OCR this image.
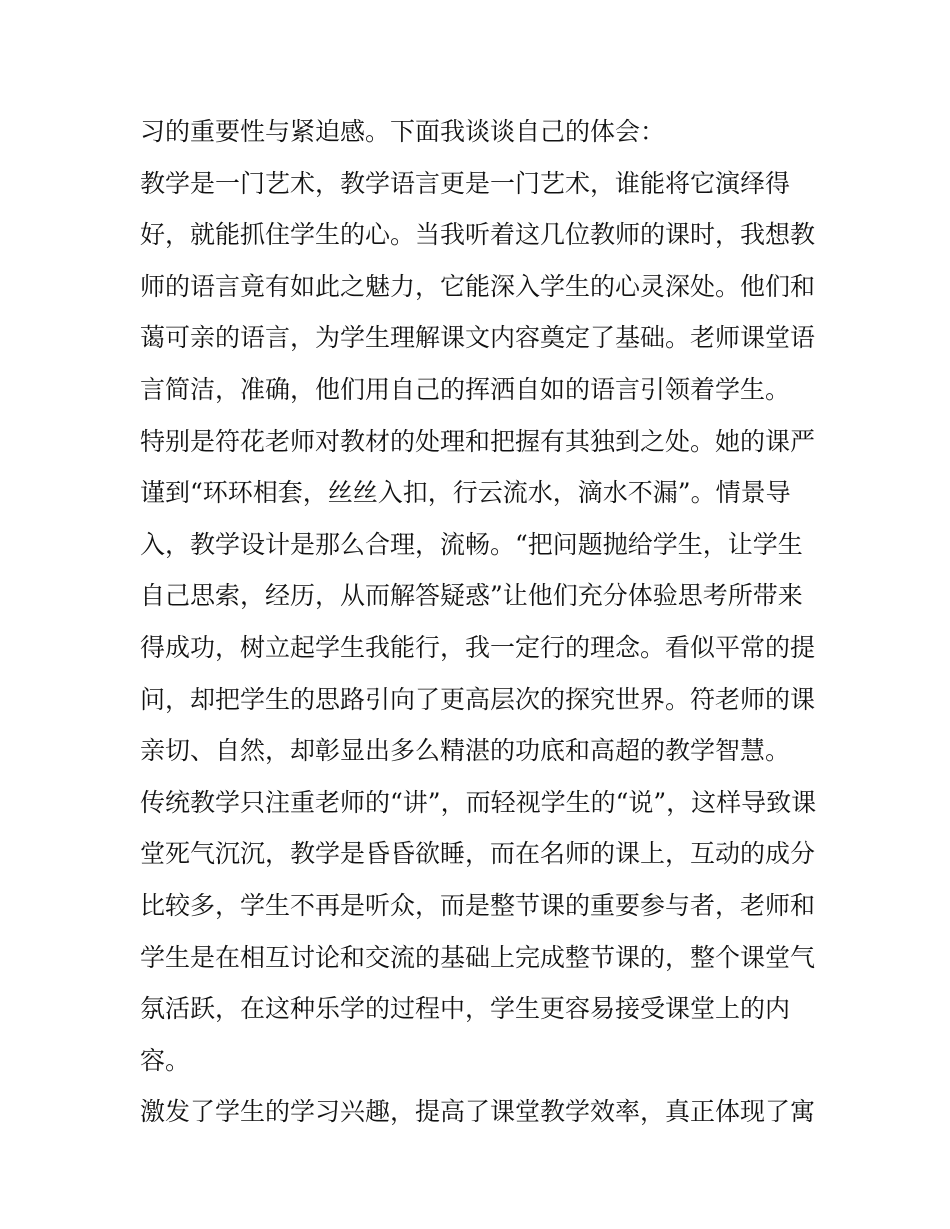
习的重要性与紧迫感。下面我谈谈自己的体会：
教学是一门艺术，教学语言更是一门艺术，谁能将它演绎得
好，就能抓住学生的心。当我听着这几位教师的课时，我想教
师的语言竟有如此之魅力，它能深入学生的心灵深处。他们和
蔼可亲的语言，为学生理解课文内容奠定了基础。老师课堂语
言简洁，准确，他们用自己的挥洒自如的语言引领着学生。
特别是符花老师对教材的处理和把握有其独到之处。她的课严
谨到“环环相套，丝丝入扣，行云流水，滴水不漏”。情景导
入，教学设计是那么合理，流畅。“把问题抛给学生，让学生
自己思索，经历，从而解答疑惑”让他们充分体验思考所带来
得成功，树立起学生我能行，我一定行的理念。看似平常的提
问，却把学生的思路引向了更高层次的探究世界。符老师的课
亲切、自然，却彰显出多么精湛的功底和高超的教学智慧。
传统教学只注重老师的“讲”，而轻视学生的“说”，这样导致课
堂死气沉沉，教学是昏昏欲睡，而在名师的课上，互动的成分
比较多，学生不再是听众，而是整节课的重要参与者，老师和
学生是在相互讨论和交流的基础上完成整节课的，整个课堂气
氛活跃，在这种乐学的过程中，学生更容易接受课堂上的内
容。
激发了学生的学习兴趣，提高了课堂教学效率，真正体现了寓
